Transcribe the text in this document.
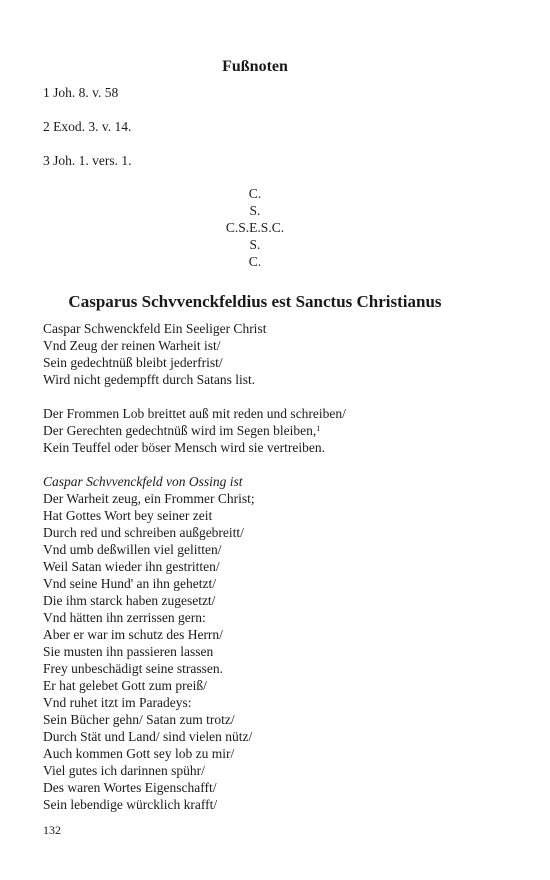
Fußnoten
1 Joh. 8. v. 58
2 Exod. 3. v. 14.
3 Joh. 1. vers. 1.
C.
S.
C.S.E.S.C.
S.
C.
Casparus Schvvenckfeldius est Sanctus Christianus
Caspar Schwenckfeld Ein Seeliger Christ
Vnd Zeug der reinen Warheit ist/
Sein gedechtnüß bleibt jederfrist/
Wird nicht gedempfft durch Satans list.
Der Frommen Lob breittet auß mit reden und schreiben/
Der Gerechten gedechtnüß wird im Segen bleiben,$^1$
Kein Teuffel oder böser Mensch wird sie vertreiben.
Caspar Schvvenckfeld von Ossing ist
Der Warheit zeug, ein Frommer Christ;
Hat Gottes Wort bey seiner zeit
Durch red und schreiben außgebreitt/
Vnd umb deßwillen viel gelitten/
Weil Satan wieder ihn gestritten/
Vnd seine Hund' an ihn gehetzt/
Die ihm starck haben zugesetzt/
Vnd hätten ihn zerrissen gern:
Aber er war im schutz des Herrn/
Sie musten ihn passieren lassen
Frey unbeschädigt seine strassen.
Er hat gelebet Gott zum preiß/
Vnd ruhet itzt im Paradeys:
Sein Bücher gehn/ Satan zum trotz/
Durch Stät und Land/ sind vielen nütz/
Auch kommen Gott sey lob zu mir/
Viel gutes ich darinnen spühr/
Des waren Wortes Eigenschafft/
Sein lebendige würcklich krafft/
132
